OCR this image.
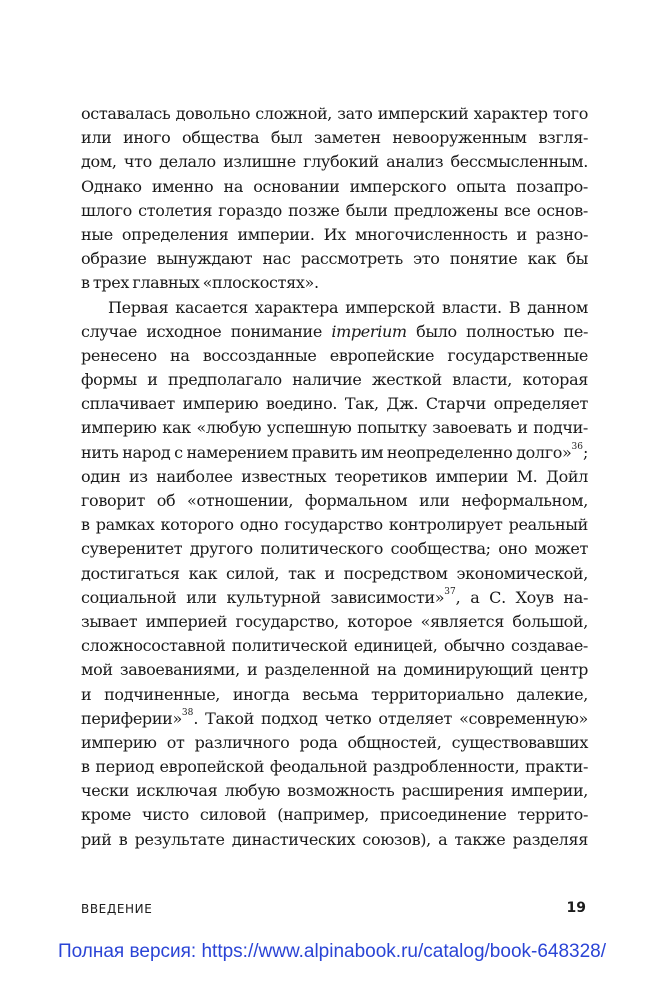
оставалась довольно сложной, зато имперский характер того
или иного общества был заметен невооруженным взгля-
дом, что делало излишне глубокий анализ бессмысленным.
Однако именно на основании имперского опыта позапро-
шлого столетия гораздо позже были предложены все основ-
ные определения империи. Их многочисленность и разно-
образие вынуждают нас рассмотреть это понятие как бы
в трех главных «плоскостях».
Первая касается характера имперской власти. В данном
случае исходное понимание imperium было полностью пе-
ренесено на воссозданные европейские государственные
формы и предполагало наличие жесткой власти, которая
сплачивает империю воедино. Так, Дж. Старчи определяет
империю как «любую успешную попытку завоевать и подчи-
нить народ с намерением править им неопределенно долго»$^{36}$;
один из наиболее известных теоретиков империи М. Дойл
говорит об «отношении, формальном или неформальном,
в рамках которого одно государство контролирует реальный
суверенитет другого политического сообщества; оно может
достигаться как силой, так и посредством экономической,
социальной или культурной зависимости»$^{37}$, а С. Хоув на-
зывает империей государство, которое «является большой,
сложносоставной политической единицей, обычно создавае-
мой завоеваниями, и разделенной на доминирующий центр
и подчиненные, иногда весьма территориально далекие,
периферии»$^{38}$. Такой подход четко отделяет «современную»
империю от различного рода общностей, существовавших
в период европейской феодальной раздробленности, практи-
чески исключая любую возможность расширения империи,
кроме чисто силовой (например, присоединение террито-
рий в результате династических союзов), а также разделяя
ВВЕДЕНИЕ	19
Полная версия: https://www.alpinabook.ru/catalog/book-648328/
